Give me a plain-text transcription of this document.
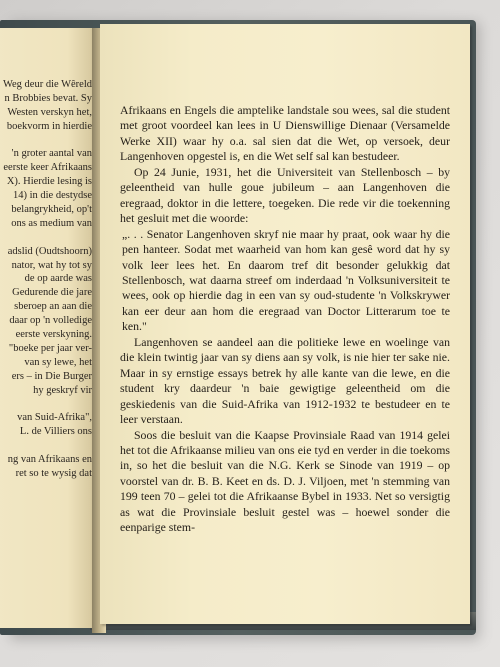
Weg deur die Wêreld
n Brobbies bevat. Sy
Westen verskyn het,
boekvorm in hierdie
'n groter aantal van
eerste keer Afrikaans
X). Hierdie lesing is
14) in die destydse
belangrykheid, op't
ons as medium van
adslid (Oudtshoorn)
nator, wat hy tot sy
de op aarde was
Gedurende die jare
sberoep an aan die
daar op 'n volledige
eerste verskyning.
"boeke per jaar ver-
van sy lewe, het
ers – in Die Burger
hy geskryf vir
van Suid-Afrika",
L. de Villiers ons
ng van Afrikaans en
ret so te wysig dat

Afrikaans en Engels die amptelike landstale sou wees, sal die student met groot voordeel kan lees in U Dienswillige Dienaar (Versamelde Werke XII) waar hy o.a. sal sien dat die Wet, op versoek, deur Langenhoven opgestel is, en die Wet self sal kan bestudeer.

Op 24 Junie, 1931, het die Universiteit van Stellenbosch – by geleentheid van hulle goue jubileum – aan Langenhoven die eregraad, doktor in die lettere, toegeken. Die rede vir die toekenning het gesluit met die woorde:

„. . . Senator Langenhoven skryf nie maar hy praat, ook waar hy die pen hanteer. Sodat met waarheid van hom kan gesê word dat hy sy volk leer lees het. En daarom tref dit besonder gelukkig dat Stellenbosch, wat daarna streef om inderdaad 'n Volksuniversiteit te wees, ook op hierdie dag in een van sy oud-studente 'n Volkskrywer kan eer deur aan hom die eregraad van Doctor Litterarum toe te ken."

Langenhoven se aandeel aan die politieke lewe en woelinge van die klein twintig jaar van sy diens aan sy volk, is nie hier ter sake nie. Maar in sy ernstige essays betrek hy alle kante van die lewe, en die student kry daardeur 'n baie gewigtige geleentheid om die geskiedenis van die Suid-Afrika van 1912-1932 te bestudeer en te leer verstaan.

Soos die besluit van die Kaapse Provinsiale Raad van 1914 gelei het tot die Afrikaanse milieu van ons eie tyd en verder in die toekoms in, so het die besluit van die N.G. Kerk se Sinode van 1919 – op voorstel van dr. B. B. Keet en ds. D. J. Viljoen, met 'n stemming van 199 teen 70 – gelei tot die Afrikaanse Bybel in 1933. Net so versigtig as wat die Provinsiale besluit gestel was – hoewel sonder die eenparige stem-
